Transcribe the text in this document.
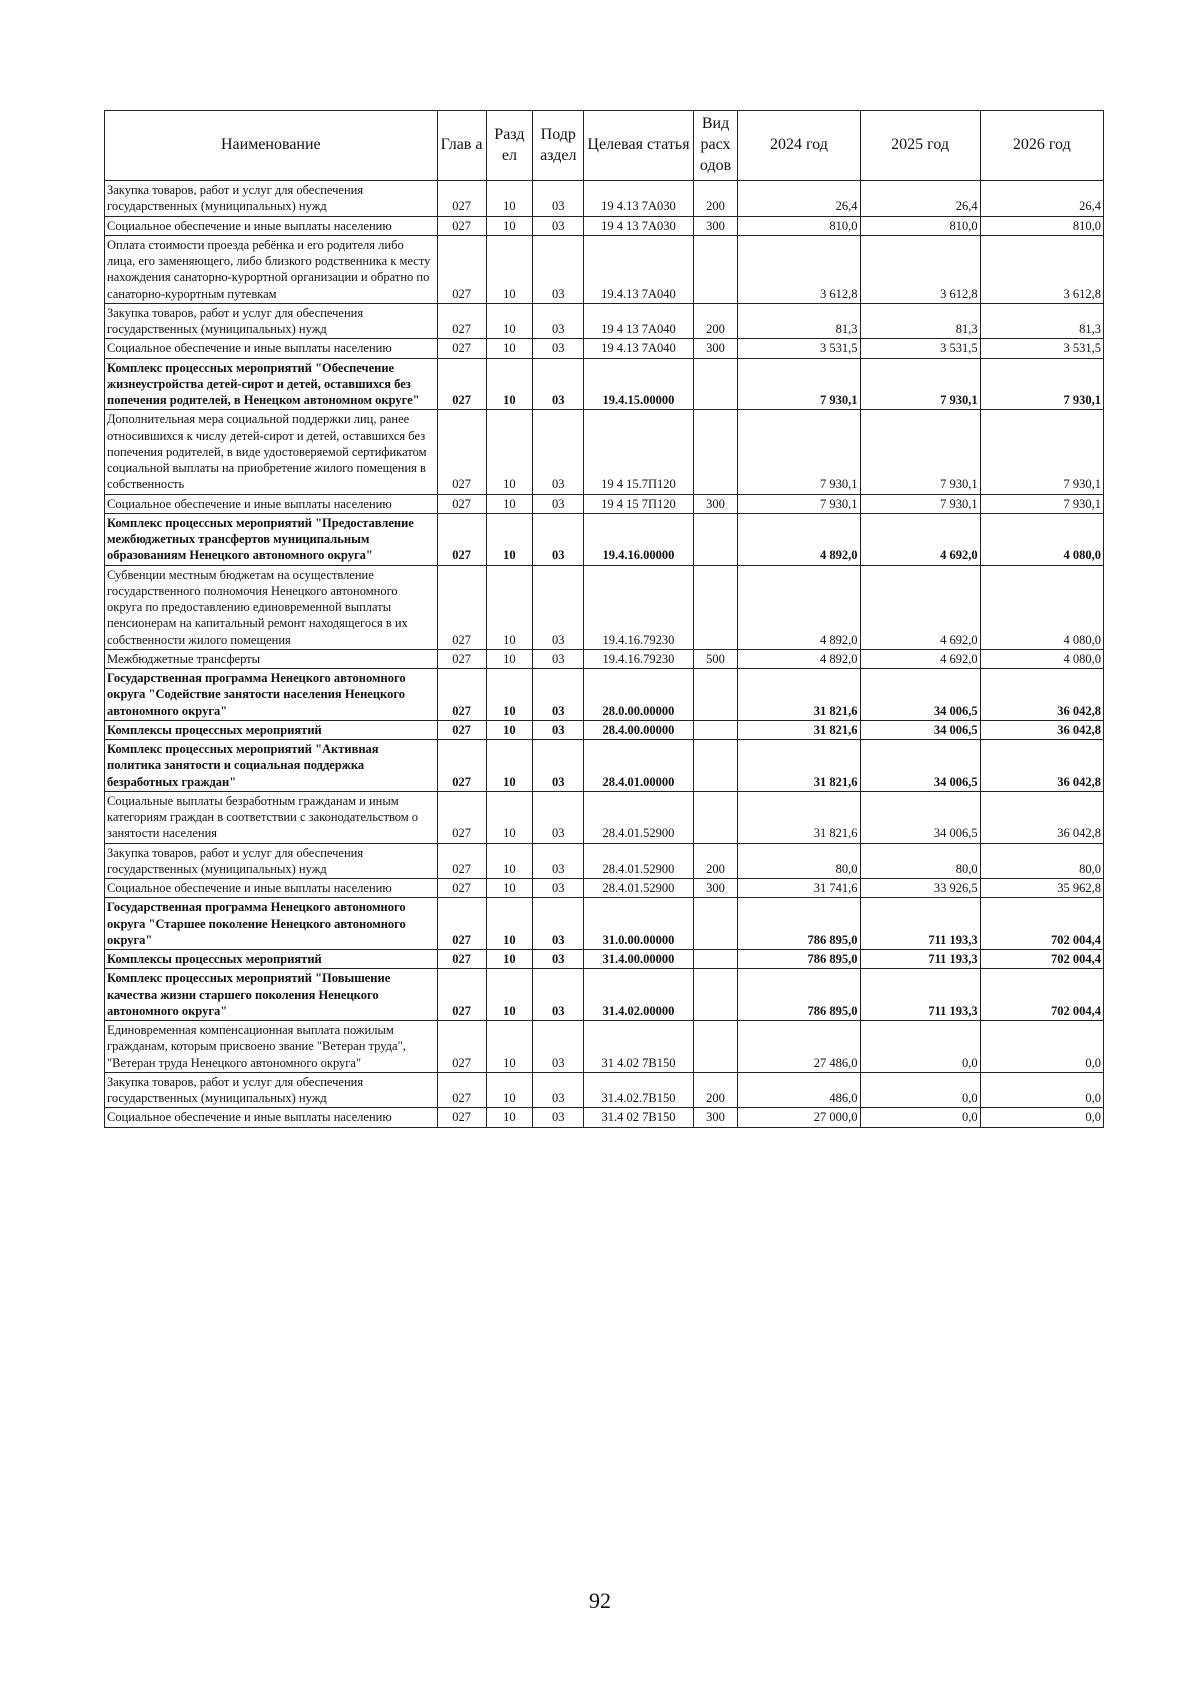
Наименование	Глав а	Разд ел	Подр аздел	Целевая статья	Вид расх одов	2024 год	2025 год	2026 год
Закупка товаров, работ и услуг для обеспечения государственных (муниципальных) нужд	027	10	03	19 4.13 7А030	200	26,4	26,4	26,4
Социальное обеспечение и иные выплаты населению	027	10	03	19 4 13 7А030	300	810,0	810,0	810,0
Оплата стоимости проезда ребёнка и его родителя либо лица, его заменяющего, либо близкого родственника к месту нахождения санаторно-курортной организации и обратно по санаторно-курортным путевкам	027	10	03	19.4.13 7А040		3 612,8	3 612,8	3 612,8
Закупка товаров, работ и услуг для обеспечения государственных (муниципальных) нужд	027	10	03	19 4 13 7А040	200	81,3	81,3	81,3
Социальное обеспечение и иные выплаты населению	027	10	03	19 4.13 7А040	300	3 531,5	3 531,5	3 531,5
Комплекс процессных мероприятий "Обеспечение жизнеустройства детей-сирот и детей, оставшихся без попечения родителей, в Ненецком автономном округе"	027	10	03	19.4.15.00000		7 930,1	7 930,1	7 930,1
Дополнительная мера социальной поддержки лиц, ранее относившихся к числу детей-сирот и детей, оставшихся без попечения родителей, в виде удостоверяемой сертификатом социальной выплаты на приобретение жилого помещения в собственность	027	10	03	19 4 15.7П120		7 930,1	7 930,1	7 930,1
Социальное обеспечение и иные выплаты населению	027	10	03	19 4 15 7П120	300	7 930,1	7 930,1	7 930,1
Комплекс процессных мероприятий "Предоставление межбюджетных трансфертов муниципальным образованиям Ненецкого автономного округа"	027	10	03	19.4.16.00000		4 892,0	4 692,0	4 080,0
Субвенции местным бюджетам на осуществление государственного полномочия Ненецкого автономного округа по предоставлению единовременной выплаты пенсионерам на капитальный ремонт находящегося в их собственности жилого помещения	027	10	03	19.4.16.79230		4 892,0	4 692,0	4 080,0
Межбюджетные трансферты	027	10	03	19.4.16.79230	500	4 892,0	4 692,0	4 080,0
Государственная программа Ненецкого автономного округа "Содействие занятости населения Ненецкого автономного округа"	027	10	03	28.0.00.00000		31 821,6	34 006,5	36 042,8
Комплексы процессных мероприятий	027	10	03	28.4.00.00000		31 821,6	34 006,5	36 042,8
Комплекс процессных мероприятий "Активная политика занятости и социальная поддержка безработных граждан"	027	10	03	28.4.01.00000		31 821,6	34 006,5	36 042,8
Социальные выплаты безработным гражданам и иным категориям граждан в соответствии с законодательством о занятости населения	027	10	03	28.4.01.52900		31 821,6	34 006,5	36 042,8
Закупка товаров, работ и услуг для обеспечения государственных (муниципальных) нужд	027	10	03	28.4.01.52900	200	80,0	80,0	80,0
Социальное обеспечение и иные выплаты населению	027	10	03	28.4.01.52900	300	31 741,6	33 926,5	35 962,8
Государственная программа Ненецкого автономного округа "Старшее поколение Ненецкого автономного округа"	027	10	03	31.0.00.00000		786 895,0	711 193,3	702 004,4
Комплексы процессных мероприятий	027	10	03	31.4.00.00000		786 895,0	711 193,3	702 004,4
Комплекс процессных мероприятий "Повышение качества жизни старшего поколения Ненецкого автономного округа"	027	10	03	31.4.02.00000		786 895,0	711 193,3	702 004,4
Единовременная компенсационная выплата пожилым гражданам, которым присвоено звание "Ветеран труда", "Ветеран труда Ненецкого автономного округа"	027	10	03	31 4.02 7В150		27 486,0	0,0	0,0
Закупка товаров, работ и услуг для обеспечения государственных (муниципальных) нужд	027	10	03	31.4.02.7В150	200	486,0	0,0	0,0
Социальное обеспечение и иные выплаты населению	027	10	03	31.4 02 7В150	300	27 000,0	0,0	0,0
92
